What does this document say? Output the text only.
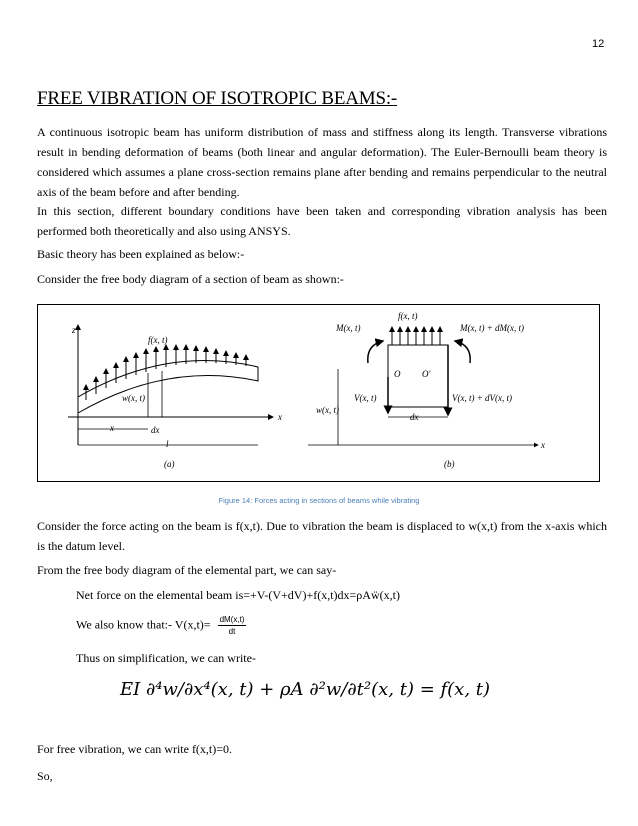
12
FREE VIBRATION OF ISOTROPIC BEAMS:-
A continuous isotropic beam has uniform distribution of mass and stiffness along its length. Transverse vibrations result in bending deformation of beams (both linear and angular deformation). The Euler-Bernoulli beam theory is considered which assumes a plane cross-section remains plane after bending and remains perpendicular to the neutral axis of the beam before and after bending.
In this section, different boundary conditions have been taken and corresponding vibration analysis has been performed both theoretically and also using ANSYS.
Basic theory has been explained as below:-
Consider the free body diagram of a section of beam as shown:-
z
x
f(x, t)
w(x, t)
x	dx
l
(a)
x
f(x, t)
M(x, t)	M(x, t) + dM(x, t)
O O′
w(x, t)
V(x, t)	V(x, t) + dV(x, t)
dx
(b)
Figure 14: Forces acting in sections of beams while vibrating
Consider the force acting on the beam is f(x,t). Due to vibration the beam is displaced to w(x,t) from the x-axis which is the datum level.
From the free body diagram of the elemental part, we can say-
Net force on the elemental beam is=+V-(V+dV)+f(x,t)dx=ρAẅ(x,t)
We also know that:- $V(x,t)= \frac{dM(x,t)}{dt}$
Thus on simplification, we can write-
EI ∂⁴w/∂x⁴(x, t) + ρA ∂²w/∂t²(x, t) = f(x, t)
For free vibration, we can write f(x,t)=0.
So,
